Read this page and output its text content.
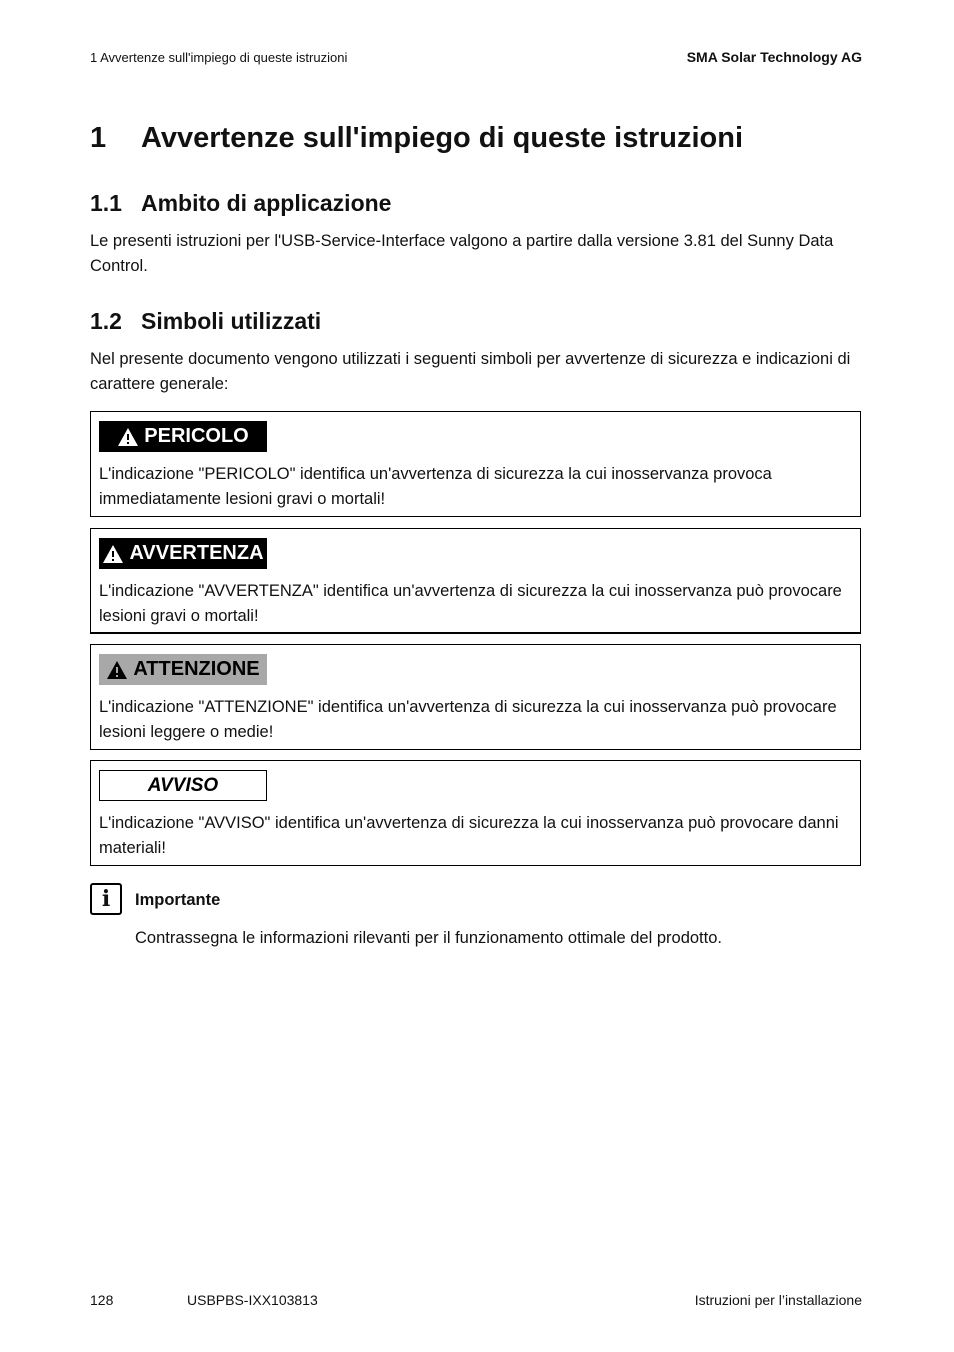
1 Avvertenze sull'impiego di queste istruzioni	SMA Solar Technology AG
1 Avvertenze sull'impiego di queste istruzioni
1.1 Ambito di applicazione

Le presenti istruzioni per l'USB-Service-Interface valgono a partire dalla versione 3.81 del Sunny Data Control.

1.2 Simboli utilizzati

Nel presente documento vengono utilizzati i seguenti simboli per avvertenze di sicurezza e indicazioni di carattere generale:

PERICOLO
L'indicazione "PERICOLO" identifica un'avvertenza di sicurezza la cui inosservanza provoca immediatamente lesioni gravi o mortali!
AVVERTENZA
L'indicazione "AVVERTENZA" identifica un'avvertenza di sicurezza la cui inosservanza può provocare lesioni gravi o mortali!
ATTENZIONE
L'indicazione "ATTENZIONE" identifica un'avvertenza di sicurezza la cui inosservanza può provocare lesioni leggere o medie!
AVVISO
L'indicazione "AVVISO" identifica un'avvertenza di sicurezza la cui inosservanza può provocare danni materiali!
i	Importante
Contrassegna le informazioni rilevanti per il funzionamento ottimale del prodotto.
128	USBPBS-IXX103813	Istruzioni per l’installazione
